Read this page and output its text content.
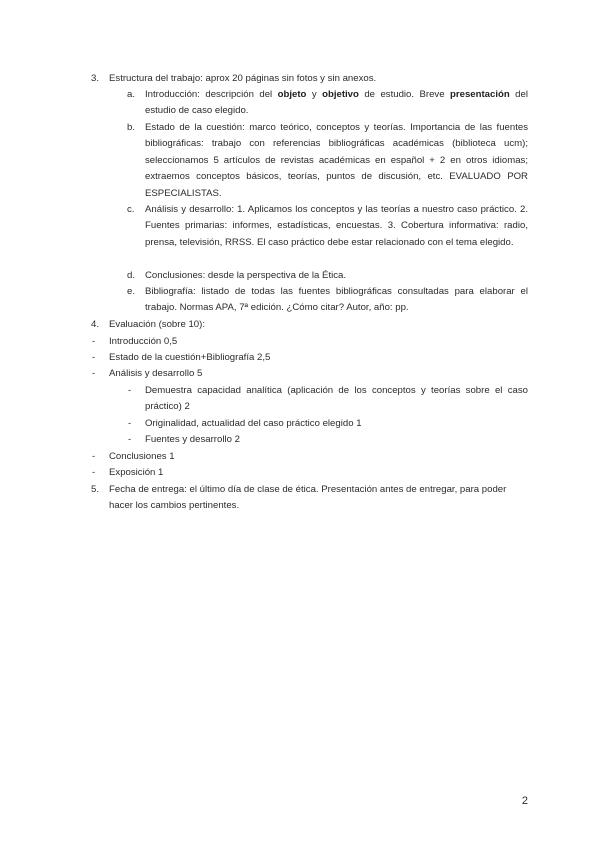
3. Estructura del trabajo: aprox 20 páginas sin fotos y sin anexos.
a. Introducción: descripción del objeto y objetivo de estudio. Breve presentación del estudio de caso elegido.
b. Estado de la cuestión: marco teórico, conceptos y teorías. Importancia de las fuentes bibliográficas: trabajo con referencias bibliográficas académicas (biblioteca ucm); seleccionamos 5 artículos de revistas académicas en español + 2 en otros idiomas; extraemos conceptos básicos, teorías, puntos de discusión, etc. EVALUADO POR ESPECIALISTAS.
c. Análisis y desarrollo: 1. Aplicamos los conceptos y las teorías a nuestro caso práctico. 2. Fuentes primarias: informes, estadísticas, encuestas. 3. Cobertura informativa: radio, prensa, televisión, RRSS. El caso práctico debe estar relacionado con el tema elegido.
d. Conclusiones: desde la perspectiva de la Ética.
e. Bibliografía: listado de todas las fuentes bibliográficas consultadas para elaborar el trabajo. Normas APA, 7ª edición. ¿Cómo citar? Autor, año: pp.
4. Evaluación (sobre 10):
- Introducción 0,5
- Estado de la cuestión+Bibliografía 2,5
- Análisis y desarrollo 5
- Demuestra capacidad analítica (aplicación de los conceptos y teorías sobre el caso práctico) 2
- Originalidad, actualidad del caso práctico elegido 1
- Fuentes y desarrollo 2
- Conclusiones 1
- Exposición 1
5. Fecha de entrega: el último día de clase de ética. Presentación antes de entregar, para poder hacer los cambios pertinentes.
2
